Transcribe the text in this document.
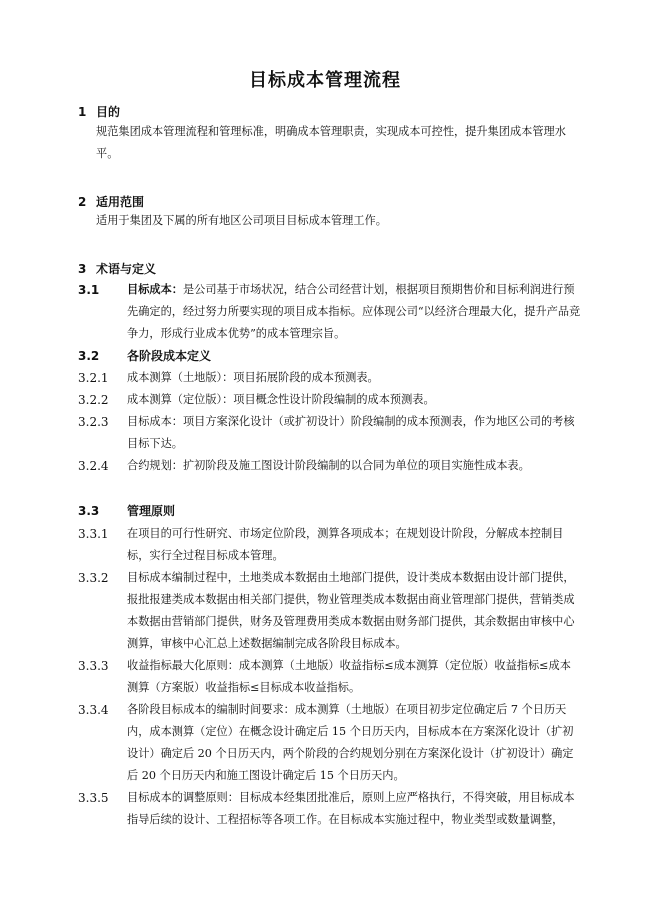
目标成本管理流程
1 目的
规范集团成本管理流程和管理标准，明确成本管理职责，实现成本可控性，提升集团成本管理水平。
2 适用范围
适用于集团及下属的所有地区公司项目目标成本管理工作。
3 术语与定义
3.1 目标成本：是公司基于市场状况，结合公司经营计划，根据项目预期售价和目标利润进行预先确定的，经过努力所要实现的项目成本指标。应体现公司“以经济合理最大化，提升产品竞争力，形成行业成本优势”的成本管理宗旨。
3.2 各阶段成本定义
3.2.1 成本测算（土地版）：项目拓展阶段的成本预测表。
3.2.2 成本测算（定位版）：项目概念性设计阶段编制的成本预测表。
3.2.3 目标成本：项目方案深化设计（或扩初设计）阶段编制的成本预测表，作为地区公司的考核目标下达。
3.2.4 合约规划：扩初阶段及施工图设计阶段编制的以合同为单位的项目实施性成本表。
3.3 管理原则
3.3.1 在项目的可行性研究、市场定位阶段，测算各项成本；在规划设计阶段，分解成本控制目标，实行全过程目标成本管理。
3.3.2 目标成本编制过程中，土地类成本数据由土地部门提供，设计类成本数据由设计部门提供，报批报建类成本数据由相关部门提供，物业管理类成本数据由商业管理部门提供，营销类成本数据由营销部门提供，财务及管理费用类成本数据由财务部门提供，其余数据由审核中心测算，审核中心汇总上述数据编制完成各阶段目标成本。
3.3.3 收益指标最大化原则：成本测算（土地版）收益指标≤成本测算（定位版）收益指标≤成本测算（方案版）收益指标≤目标成本收益指标。
3.3.4 各阶段目标成本的编制时间要求：成本测算（土地版）在项目初步定位确定后 7 个日历天内，成本测算（定位）在概念设计确定后 15 个日历天内，目标成本在方案深化设计（扩初设计）确定后 20 个日历天内，两个阶段的合约规划分别在方案深化设计（扩初设计）确定后 20 个日历天内和施工图设计确定后 15 个日历天内。
3.3.5 目标成本的调整原则：目标成本经集团批准后，原则上应严格执行，不得突破，用目标成本指导后续的设计、工程招标等各项工作。在目标成本实施过程中，物业类型或数量调整，
